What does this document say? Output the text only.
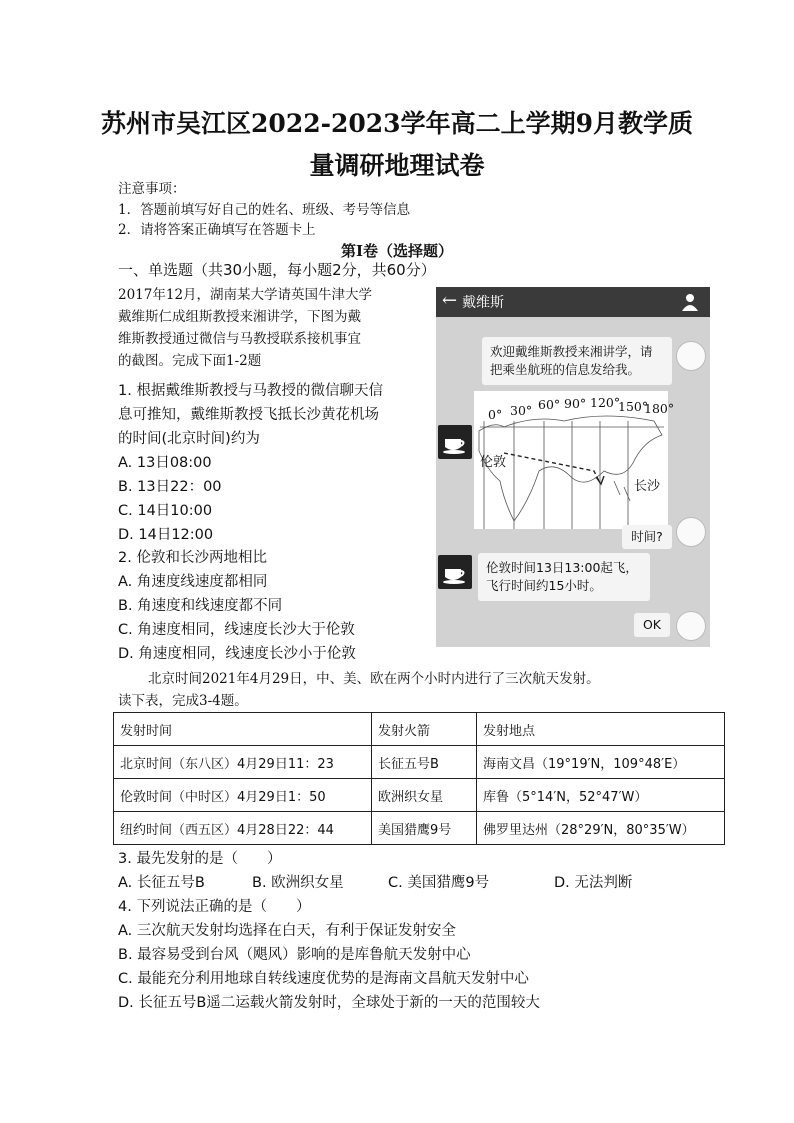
苏州市吴江区2022-2023学年高二上学期9月教学质
量调研地理试卷
注意事项：
1．答题前填写好自己的姓名、班级、考号等信息
2．请将答案正确填写在答题卡上
第I卷（选择题）
一、单选题（共30小题，每小题2分，共60分）
2017年12月，湖南某大学请英国牛津大学
戴维斯仁成组斯教授来湘讲学，下图为戴
维斯教授通过微信与马教授联系接机事宜
的截图。完成下面1-2题
1. 根据戴维斯教授与马教授的微信聊天信
息可推知，戴维斯教授飞抵长沙黄花机场
的时间(北京时间)约为
A. 13日08:00
B. 13日22：00
C. 14日10:00
D. 14日12:00
2. 伦敦和长沙两地相比
A. 角速度线速度都相同
B. 角速度和线速度都不同
C. 角速度相同，线速度长沙大于伦敦
D. 角速度相同，线速度长沙小于伦敦
← 戴维斯
欢迎戴维斯教授来湘讲学，请把乘坐航班的信息发给我。
0° 30° 60° 90° 120°
150°
180°
伦敦
长沙
时间?
伦敦时间13日13:00起飞，飞行时间约15小时。
OK
北京时间2021年4月29日，中、美、欧在两个小时内进行了三次航天发射。
读下表，完成3-4题。
发射时间	发射火箭	发射地点
北京时间（东八区）4月29日11：23	长征五号B	海南文昌（19°19′N，109°48′E）
伦敦时间（中时区）4月29日1：50	欧洲织女星	库鲁（5°14′N，52°47′W）
纽约时间（西五区）4月28日22：44	美国猎鹰9号	佛罗里达州（28°29′N，80°35′W）
3. 最先发射的是（　　）
A. 长征五号B	B. 欧洲织女星	C. 美国猎鹰9号	D. 无法判断
4. 下列说法正确的是（　　）
A. 三次航天发射均选择在白天，有利于保证发射安全
B. 最容易受到台风（飓风）影响的是库鲁航天发射中心
C. 最能充分利用地球自转线速度优势的是海南文昌航天发射中心
D. 长征五号B遥二运载火箭发射时，全球处于新的一天的范围较大
